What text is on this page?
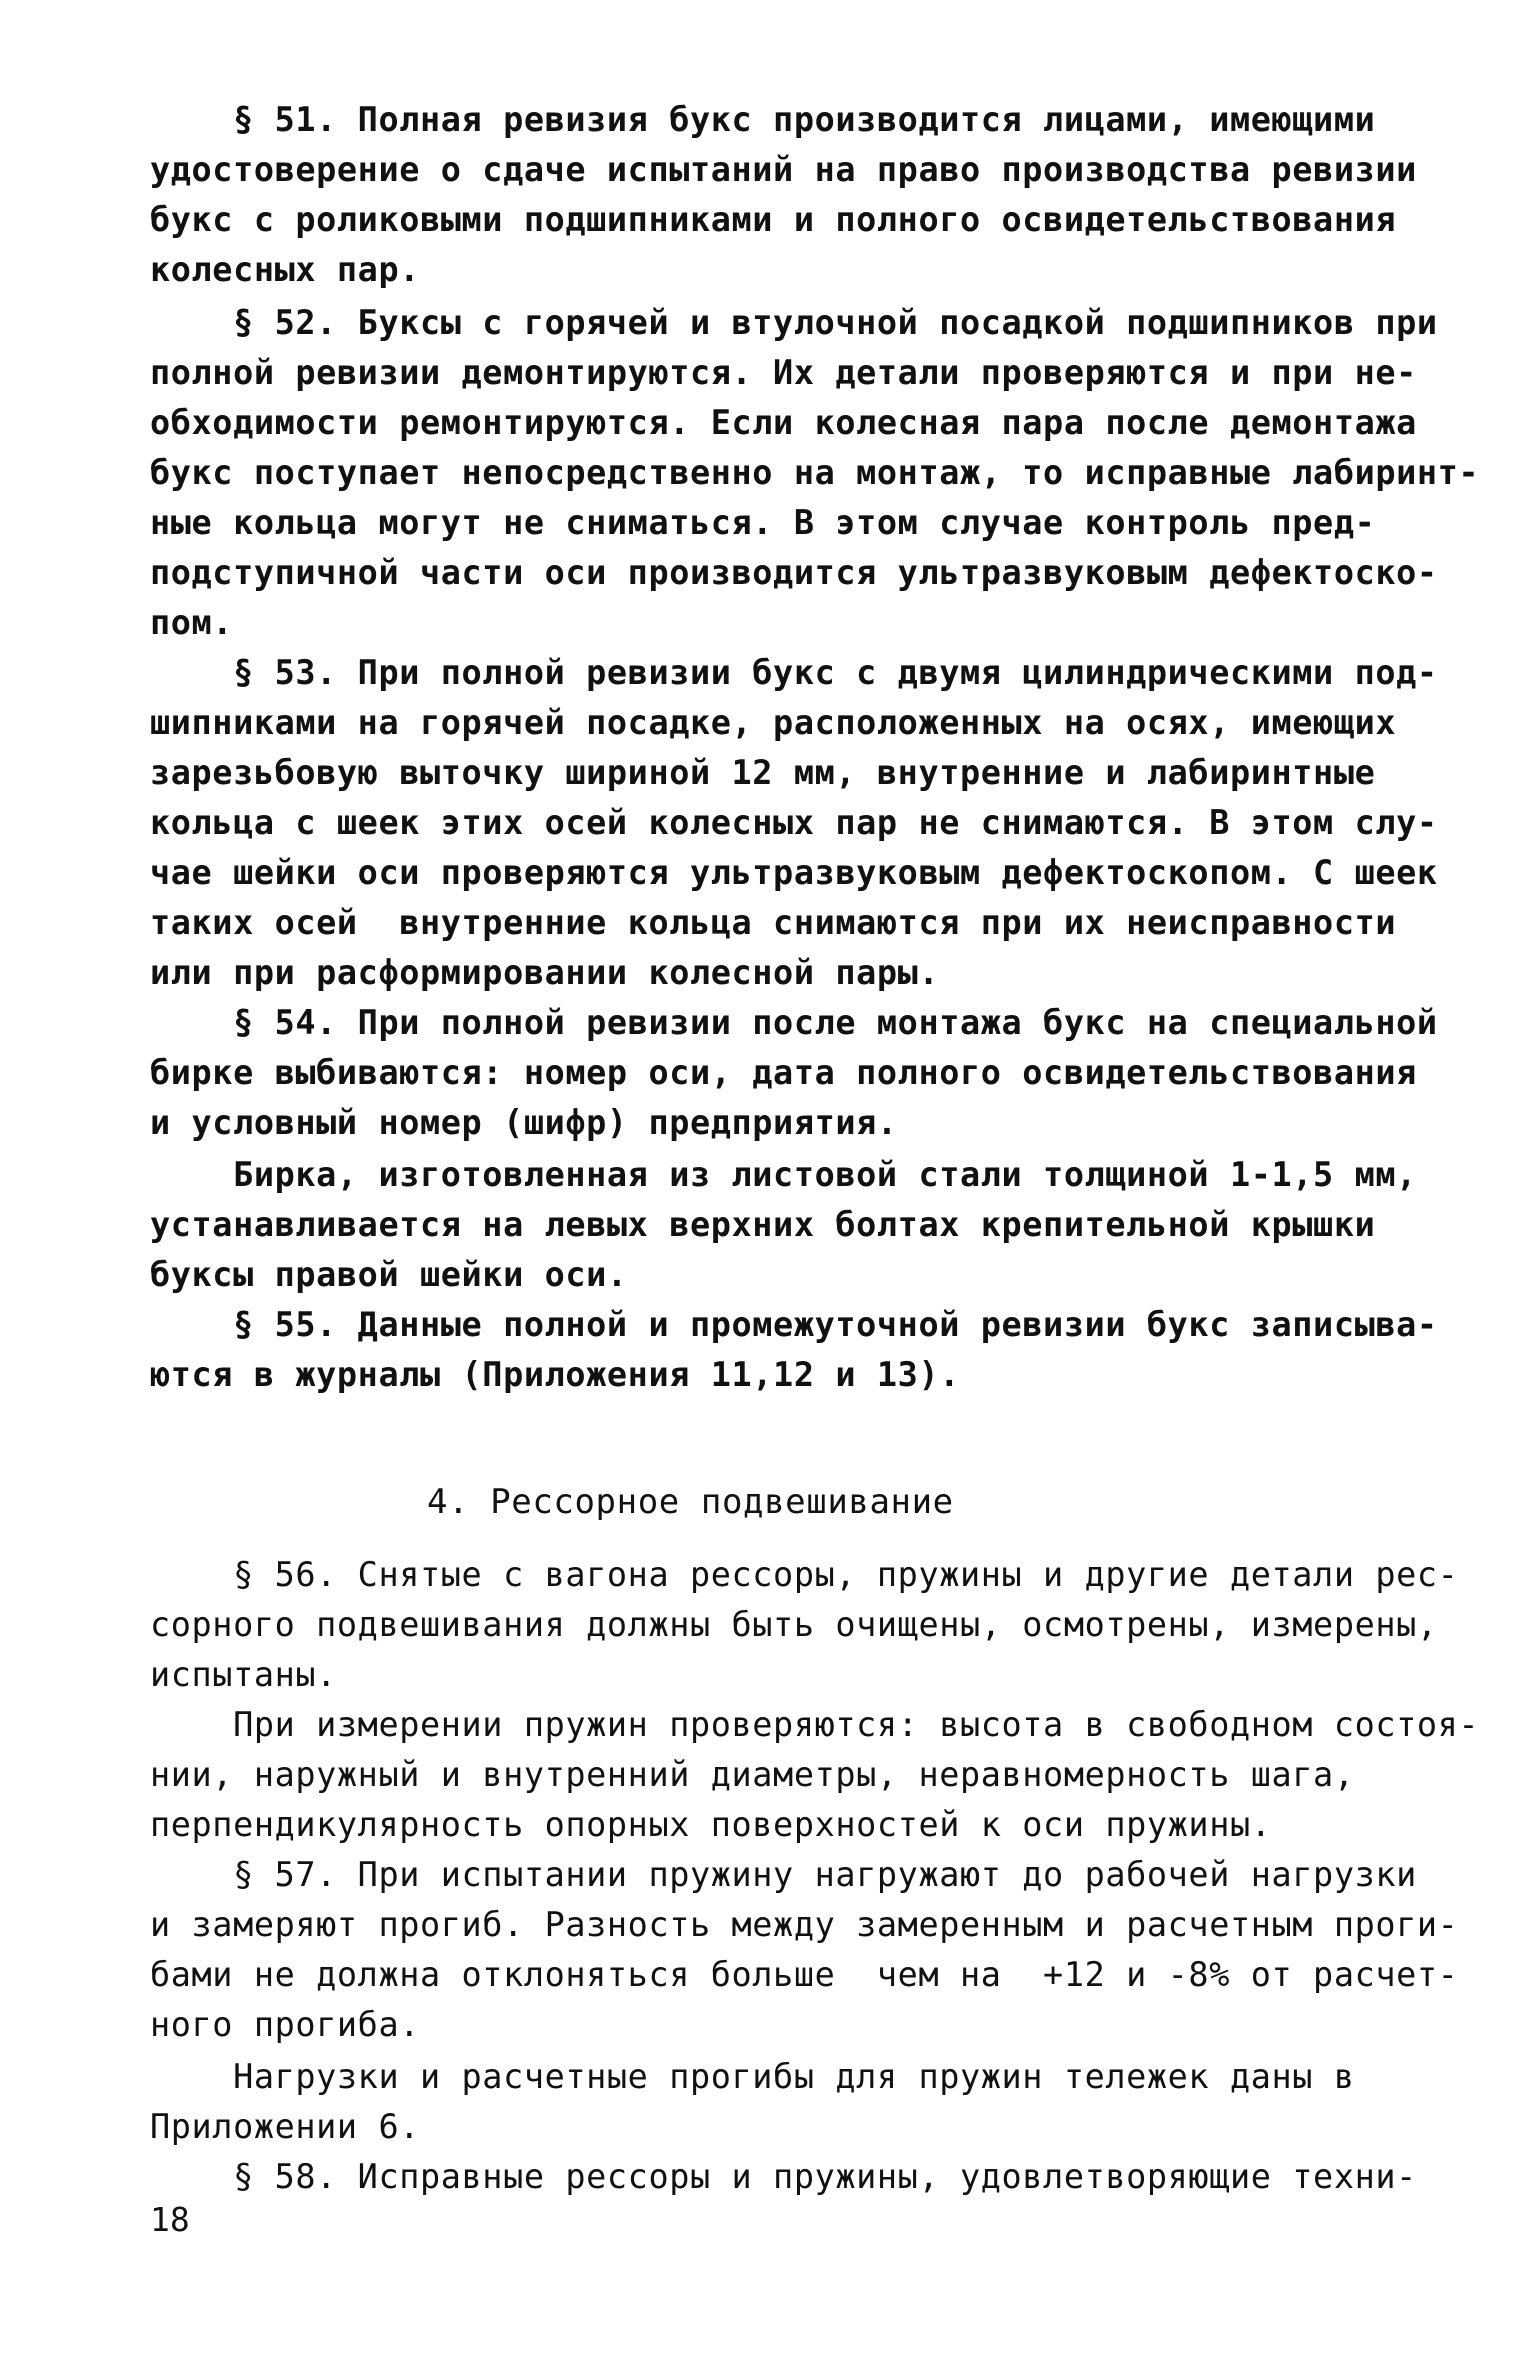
§ 51. Полная ревизия букс производится лицами, имеющими
удостоверение о сдаче испытаний на право производства ревизии
букс с роликовыми подшипниками и полного освидетельствования
колесных пар.
§ 52. Буксы с горячей и втулочной посадкой подшипников при
полной ревизии демонтируются. Их детали проверяются и при не-
обходимости ремонтируются. Если колесная пара после демонтажа
букс поступает непосредственно на монтаж, то исправные лабиринт-
ные кольца могут не сниматься. В этом случае контроль пред-
подступичной части оси производится ультразвуковым дефектоско-
пом.
§ 53. При полной ревизии букс с двумя цилиндрическими под-
шипниками на горячей посадке, расположенных на осях, имеющих
зарезьбовую выточку шириной 12 мм, внутренние и лабиринтные
кольца с шеек этих осей колесных пар не снимаются. В этом слу-
чае шейки оси проверяются ультразвуковым дефектоскопом. С шеек
таких осей  внутренние кольца снимаются при их неисправности
или при расформировании колесной пары.
§ 54. При полной ревизии после монтажа букс на специальной
бирке выбиваются: номер оси, дата полного освидетельствования
и условный номер (шифр) предприятия.
Бирка, изготовленная из листовой стали толщиной 1-1,5 мм,
устанавливается на левых верхних болтах крепительной крышки
буксы правой шейки оси.
§ 55. Данные полной и промежуточной ревизии букс записыва-
ются в журналы (Приложения 11,12 и 13).
4. Рессорное подвешивание
§ 56. Снятые с вагона рессоры, пружины и другие детали рес-
сорного подвешивания должны быть очищены, осмотрены, измерены,
испытаны.
При измерении пружин проверяются: высота в свободном состоя-
нии, наружный и внутренний диаметры, неравномерность шага,
перпендикулярность опорных поверхностей к оси пружины.
§ 57. При испытании пружину нагружают до рабочей нагрузки
и замеряют прогиб. Разность между замеренным и расчетным проги-
бами не должна отклоняться больше  чем на  +12 и -8% от расчет-
ного прогиба.
Нагрузки и расчетные прогибы для пружин тележек даны в
Приложении 6.
§ 58. Исправные рессоры и пружины, удовлетворяющие техни-
18
